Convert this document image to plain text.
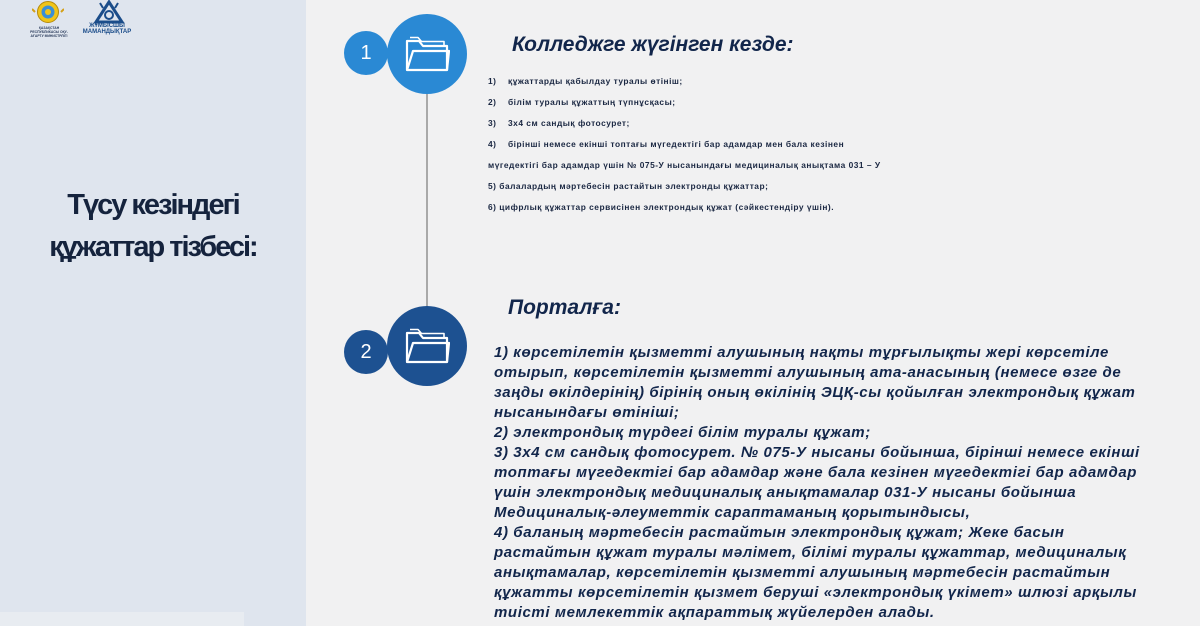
ҚАЗАҚСТАН РЕСПУБЛИКАСЫ ОҚУ-АҒАРТУ МИНИСТРЛІГІ
ЖҰМЫСШЫ МАМАНДЫҚТАР
Түсу кезіндегі
құжаттар тізбесі:
1	Колледжге жүгінген кезде:
1) құжаттарды қабылдау туралы өтініш;
2) білім туралы құжаттың түпнұсқасы;
3) 3x4 см сандық фотосурет;
4) бірінші немесе екінші топтағы мүгедектігі бар адамдар мен бала кезінен
мүгедектігі бар адамдар үшін № 075-У нысанындағы медициналық анықтама 031 – У
5) балалардың мәртебесін растайтын электронды құжаттар;
6) цифрлық құжаттар сервисінен электрондық құжат (сәйкестендіру үшін).
2
Порталға:

1) көрсетілетін қызметті алушының нақты тұрғылықты жері көрсетіле отырып, көрсетілетін қызметті алушының ата-анасының (немесе өзге де заңды өкілдерінің) бірінің оның өкілінің ЭЦҚ-сы қойылған электрондық құжат нысанындағы өтініші;

2) электрондық түрдегі білім туралы құжат;

3) 3х4 см сандық фотосурет. № 075-У нысаны бойынша, бірінші немесе екінші топтағы мүгедектігі бар адамдар және бала кезінен мүгедектігі бар адамдар үшін электрондық медициналық анықтамалар 031-У нысаны бойынша Медициналық-әлеуметтік сараптаманың қорытындысы,

4) баланың мәртебесін растайтын электрондық құжат; Жеке басын растайтын құжат туралы мәлімет, білімі туралы құжаттар, медициналық анықтамалар, көрсетілетін қызметті алушының мәртебесін растайтын құжатты көрсетілетін қызмет беруші «электрондық үкімет» шлюзі арқылы тиісті мемлекеттік ақпараттық жүйелерден алады.
